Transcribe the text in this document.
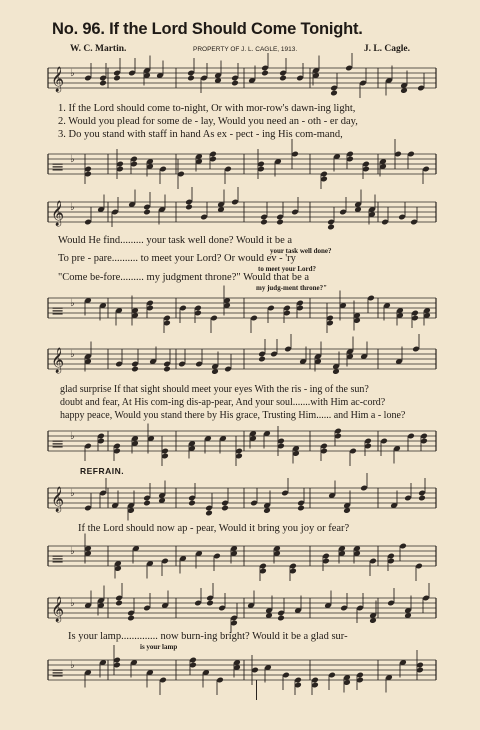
No. 96. If the Lord Should Come Tonight.
W. C. Martin.	PROPERTY OF J. L. CAGLE, 1913.	J. L. Cagle.
𝄞 ♭
1. If the Lord should come to-night, Or with mor-row's dawn-ing light,
2. Would you plead for some de - lay, Would you need an - oth - er day,
3. Do you stand with staff in hand As ex - pect - ing His com-mand,
≡ ♭
𝄞 ♭
Would He find......... your task well done? Would it be a
your task well done?
To pre - pare.......... to meet your Lord? Or would ev - 'ry
to meet your Lord?
"Come be-fore......... my judgment throne?" Would that be a
my judg-ment throne?"
≡ ♭
𝄞 ♭
glad surprise If that sight should meet your eyes With the ris - ing of the sun?
doubt and fear, At His com-ing dis-ap-pear, And your soul.......with Him ac-cord?
happy peace, Would you stand there by His grace, Trusting Him...... and Him a - lone?
≡ ♭
REFRAIN.
𝄞 ♭
If the Lord should now ap - pear, Would it bring you joy or fear?
≡ ♭
𝄞 ♭
Is your lamp.............. now burn-ing bright? Would it be a glad sur-
is your lamp
≡ ♭
